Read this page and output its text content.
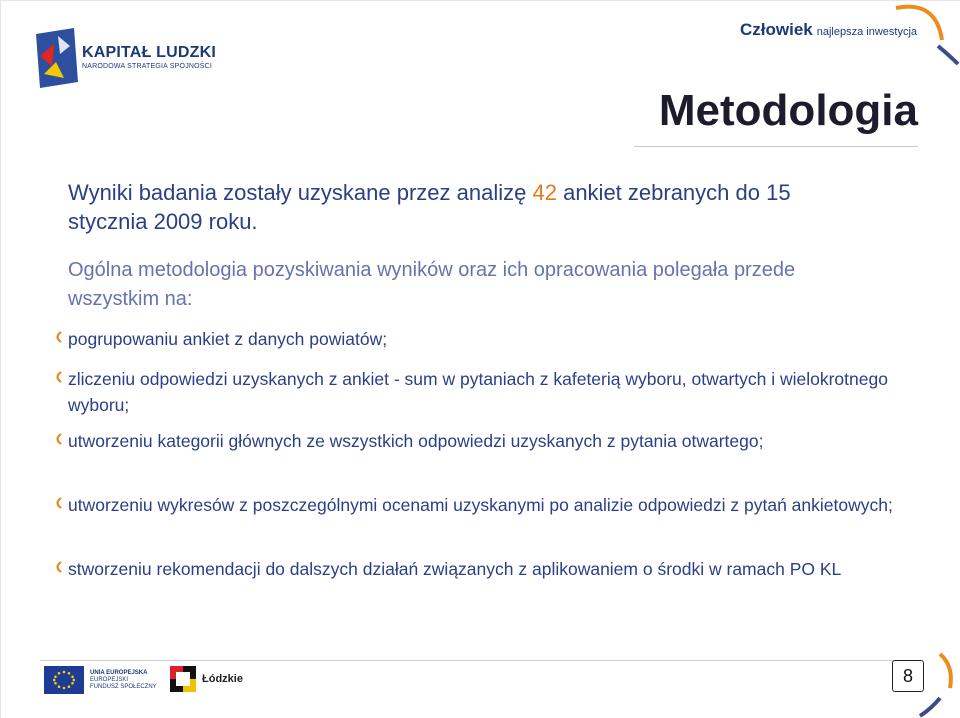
KAPITAŁ LUDZKI
NARODOWA STRATEGIA SPÓJNOŚCI
Człowiek najlepsza inwestycja
Metodologia
Wyniki badania zostały uzyskane przez analizę 42 ankiet zebranych do 15 stycznia 2009 roku.
Ogólna metodologia pozyskiwania wyników oraz ich opracowania polegała przede wszystkim na:
pogrupowaniu ankiet z danych powiatów;
zliczeniu odpowiedzi uzyskanych z ankiet - sum w pytaniach z kafeterią wyboru, otwartych i wielokrotnego wyboru;
utworzeniu kategorii głównych ze wszystkich odpowiedzi uzyskanych z pytania otwartego;
utworzeniu wykresów z poszczególnymi ocenami uzyskanymi po analizie odpowiedzi z pytań ankietowych;
stworzeniu rekomendacji do dalszych działań związanych z aplikowaniem o środki w ramach PO KL
UNIA EUROPEJSKA
EUROPEJSKI
FUNDUSZ SPOŁECZNY
Łódzkie	8
